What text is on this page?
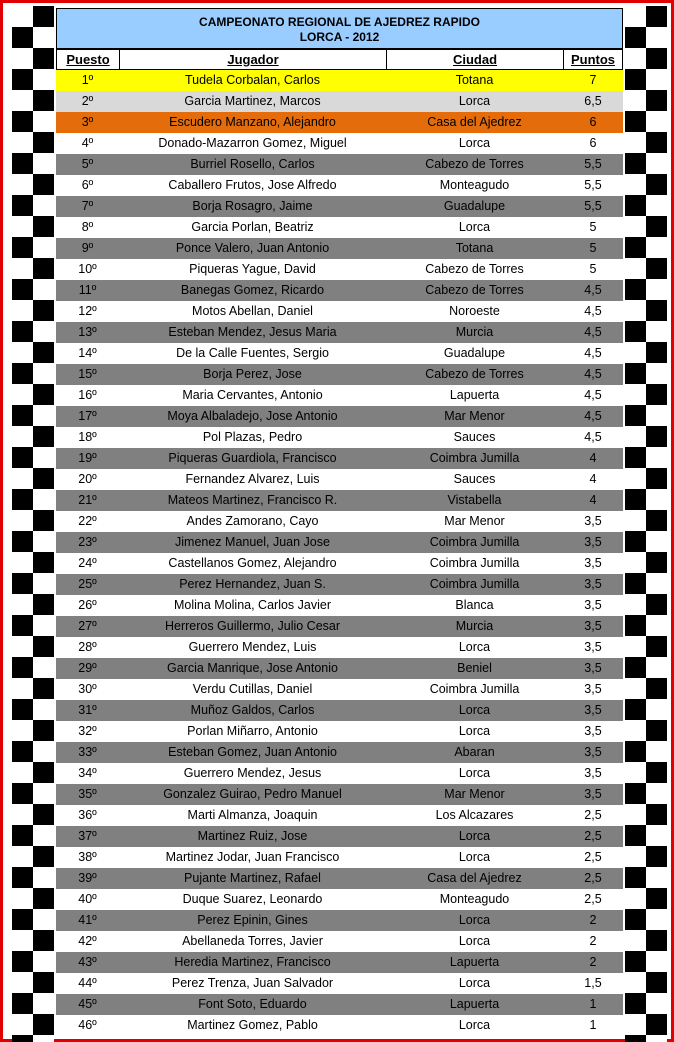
CAMPEONATO REGIONAL DE AJEDREZ RAPIDO
LORCA - 2012
Puesto	Jugador	Ciudad	Puntos
1º	Tudela Corbalan, Carlos	Totana	7
2º	Garcia Martinez, Marcos	Lorca	6,5
3º	Escudero Manzano, Alejandro	Casa del Ajedrez	6
4º	Donado-Mazarron Gomez, Miguel	Lorca	6
5º	Burriel Rosello, Carlos	Cabezo de Torres	5,5
6º	Caballero Frutos, Jose Alfredo	Monteagudo	5,5
7º	Borja Rosagro, Jaime	Guadalupe	5,5
8º	Garcia Porlan, Beatriz	Lorca	5
9º	Ponce Valero, Juan Antonio	Totana	5
10º	Piqueras Yague, David	Cabezo de Torres	5
11º	Banegas Gomez, Ricardo	Cabezo de Torres	4,5
12º	Motos Abellan, Daniel	Noroeste	4,5
13º	Esteban Mendez, Jesus Maria	Murcia	4,5
14º	De la Calle Fuentes, Sergio	Guadalupe	4,5
15º	Borja Perez, Jose	Cabezo de Torres	4,5
16º	Maria Cervantes, Antonio	Lapuerta	4,5
17º	Moya Albaladejo, Jose Antonio	Mar Menor	4,5
18º	Pol Plazas, Pedro	Sauces	4,5
19º	Piqueras Guardiola, Francisco	Coimbra Jumilla	4
20º	Fernandez Alvarez, Luis	Sauces	4
21º	Mateos Martinez, Francisco R.	Vistabella	4
22º	Andes Zamorano, Cayo	Mar Menor	3,5
23º	Jimenez Manuel, Juan Jose	Coimbra Jumilla	3,5
24º	Castellanos Gomez, Alejandro	Coimbra Jumilla	3,5
25º	Perez Hernandez, Juan S.	Coimbra Jumilla	3,5
26º	Molina Molina, Carlos Javier	Blanca	3,5
27º	Herreros Guillermo, Julio Cesar	Murcia	3,5
28º	Guerrero Mendez, Luis	Lorca	3,5
29º	Garcia Manrique, Jose Antonio	Beniel	3,5
30º	Verdu Cutillas, Daniel	Coimbra Jumilla	3,5
31º	Muñoz Galdos, Carlos	Lorca	3,5
32º	Porlan Miñarro, Antonio	Lorca	3,5
33º	Esteban Gomez, Juan Antonio	Abaran	3,5
34º	Guerrero Mendez, Jesus	Lorca	3,5
35º	Gonzalez Guirao, Pedro Manuel	Mar Menor	3,5
36º	Marti Almanza, Joaquin	Los Alcazares	2,5
37º	Martinez Ruiz, Jose	Lorca	2,5
38º	Martinez Jodar, Juan Francisco	Lorca	2,5
39º	Pujante Martinez, Rafael	Casa del Ajedrez	2,5
40º	Duque Suarez, Leonardo	Monteagudo	2,5
41º	Perez Epinin, Gines	Lorca	2
42º	Abellaneda Torres, Javier	Lorca	2
43º	Heredia Martinez, Francisco	Lapuerta	2
44º	Perez Trenza, Juan Salvador	Lorca	1,5
45º	Font Soto, Eduardo	Lapuerta	1
46º	Martinez Gomez, Pablo	Lorca	1
